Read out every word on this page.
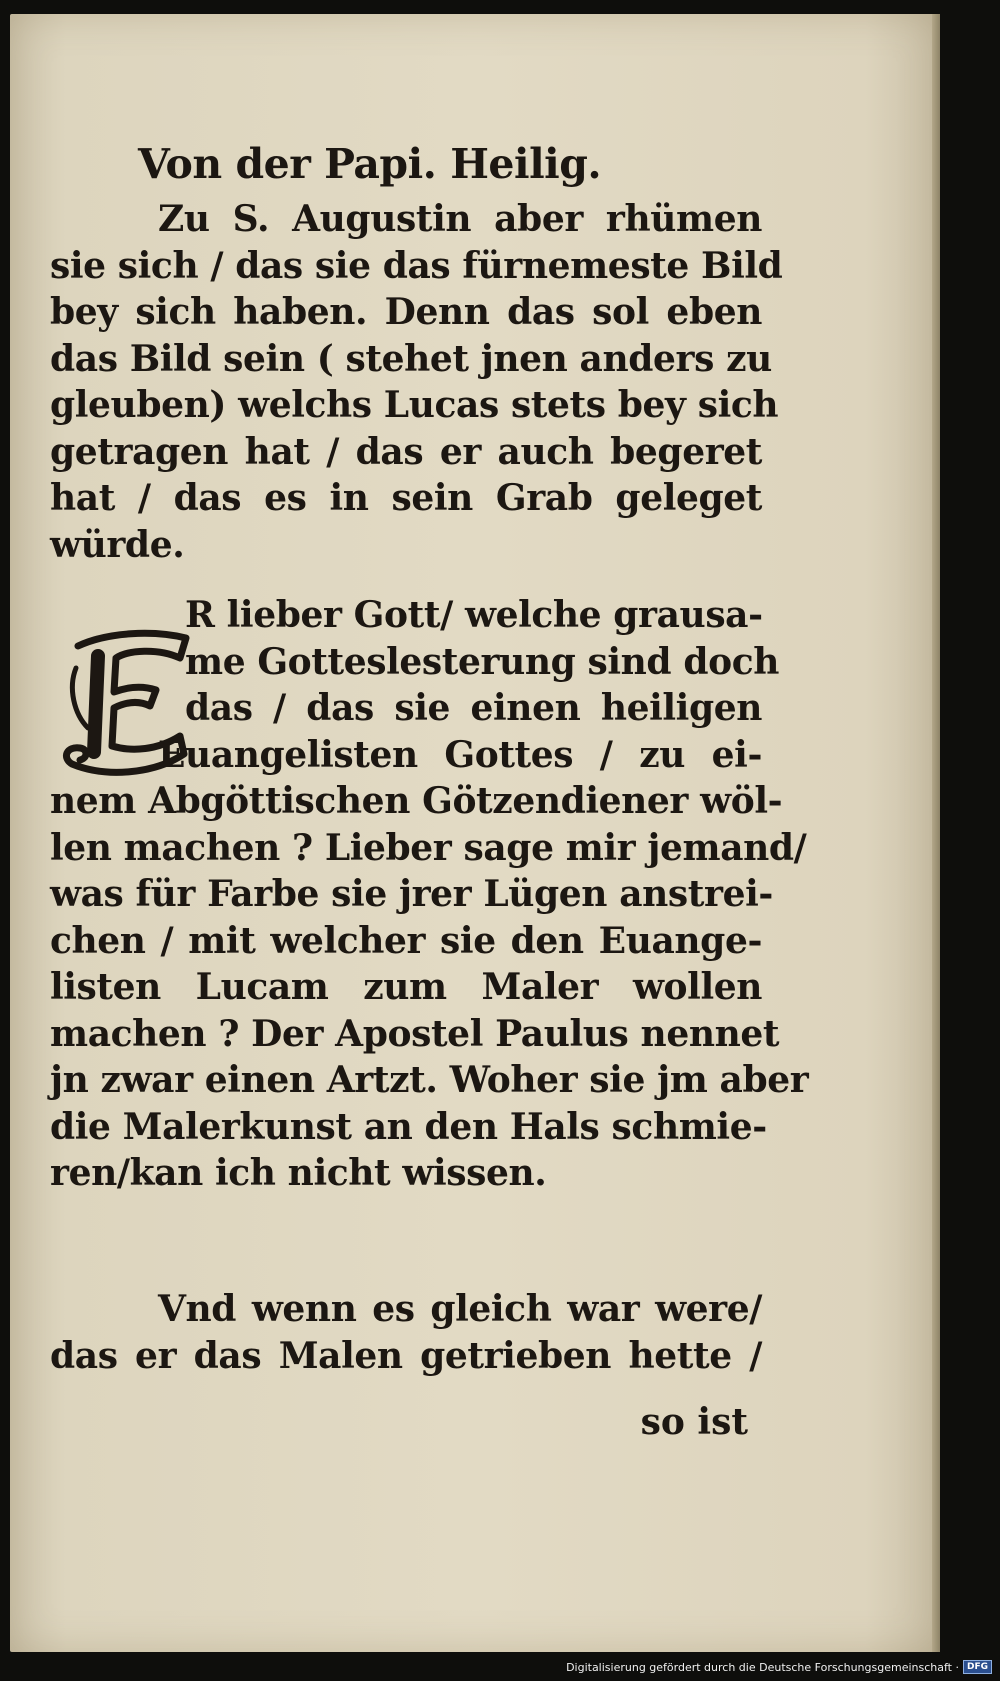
Von der Papi. Heilig.
Zu S. Augustin aber rhümen
sie sich / das sie das fürnemeste Bild
bey sich haben. Denn das sol eben
das Bild sein ( stehet jnen anders zu
gleuben) welchs Lucas stets bey sich
getragen hat / das er auch begeret
hat / das es in sein Grab geleget
würde.
E
R lieber Gott/ welche grausa-
me Gotteslesterung sind doch
das / das sie einen heiligen
Euangelisten Gottes / zu ei-
nem Abgöttischen Götzendiener wöl-
len machen ? Lieber sage mir jemand/
was für Farbe sie jrer Lügen anstrei-
chen / mit welcher sie den Euange-
listen Lucam zum Maler wollen
machen ? Der Apostel Paulus nennet
jn zwar einen Artzt. Woher sie jm aber
die Malerkunst an den Hals schmie-
ren/kan ich nicht wissen.
Vnd wenn es gleich war were/
das er das Malen getrieben hette /
so ist
Digitalisierung gefördert durch die Deutsche Forschungsgemeinschaft · DFG
